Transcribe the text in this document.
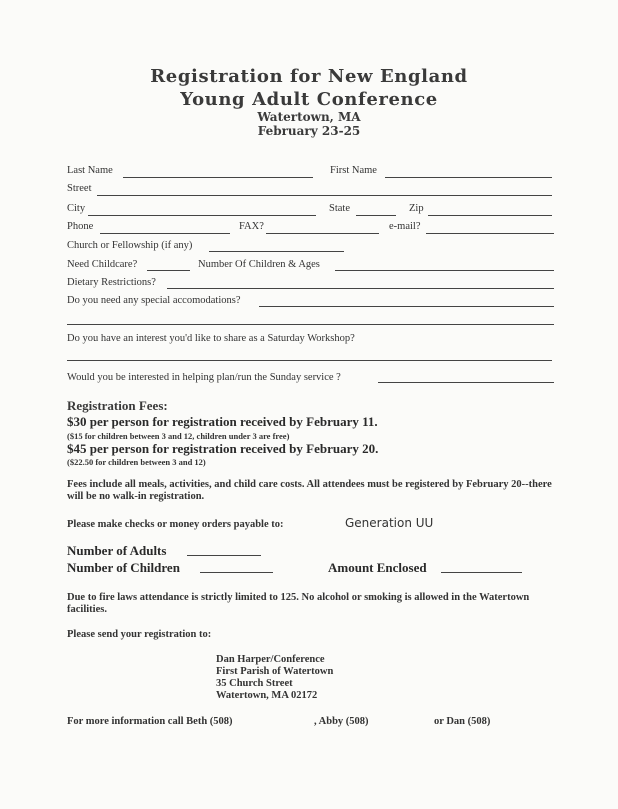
Registration for New England
Young Adult Conference
Watertown, MA
February 23-25
Last Name	First Name
Street
City	State	Zip
Phone	FAX?	e-mail?
Church or Fellowship (if any)
Need Childcare?	Number Of Children & Ages
Dietary Restrictions?
Do you need any special accomodations?
Do you have an interest you'd like to share as a Saturday Workshop?
Would you be interested in helping plan/run the Sunday service ?
Registration Fees:
$30 per person for registration received by February 11.
($15 for children between 3 and 12, children under 3 are free)
$45 per person for registration received by February 20.
($22.50 for children between 3 and 12)
Fees include all meals, activities, and child care costs. All attendees must be registered by February 20--there will be no walk-in registration.
Please make checks or money orders payable to:	Generation UU
Number of Adults
Number of Children	Amount Enclosed
Due to fire laws attendance is strictly limited to 125. No alcohol or smoking is allowed in the Watertown facilities.
Please send your registration to:
Dan Harper/Conference
First Parish of Watertown
35 Church Street
Watertown, MA 02172
For more information call Beth (508)	, Abby (508)	or Dan (508)
